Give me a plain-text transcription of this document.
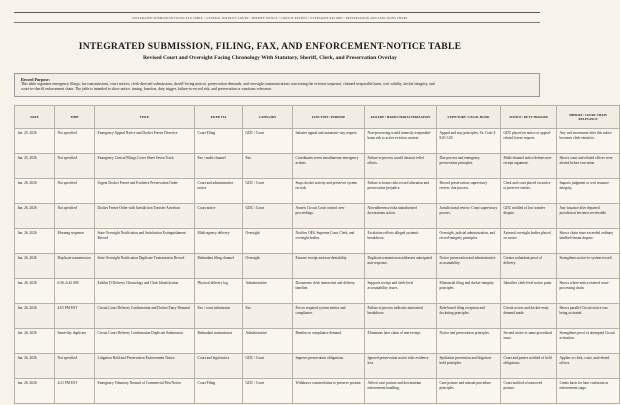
INTEGRATED SUBMISSION FILING FAX TABLE • GENERAL DISTRICT COURT • SHERIFF NOTICE • CIRCUIT REVIEW • OVERSIGHT RECORD • PRESERVATION AND SANCTIONS CHART
INTEGRATED SUBMISSION, FILING, FAX, AND ENFORCEMENT-NOTICE TABLE
Revised Court and Oversight Facing Chronology With Statutory, Sheriff, Clerk, and Preservation Overlay
Record Purpose:
This table organizes emergency filings, fax transmissions, court notices, clerk-directed submissions, sheriff-facing notices, preservation demands, and oversight communications concerning the eviction sequence, claimed irreparable harm, writ validity, docket integrity, and
court-to-sheriff enforcement chain. The table is intended to show notice, timing, function, duty trigger, failure-to-record risk, and preservation or sanctions relevance.
DATE	TIME	TITLE	FILED VIA	CATEGORY	FUNCTION / PURPOSE	FAILURE / HARM CHARACTERIZATION	STATUTORY / LEGAL HOOK	NOTICE / DUTY TRIGGER	SHERIFF / COURT CHAIN RELEVANCE
Jan. 25, 2026	Not specified	Emergency Appeal Notice and Docket Freeze Directive	Court Filing	GDC / Court	Initiates appeal and automatic stay request.	Non-processing would intensify irreparable-harm risk to active eviction context.	Appeal and stay principles; Va. Code § 8.01-129.	GDC placed on notice of appeal-related freeze request.	Any writ movement after this notice becomes clerk-sensitive.
Jan. 25, 2026	Not specified	Emergency Critical Filings Cover Sheet Seven Track	Fax / multi-channel	Fax	Coordinates seven simultaneous emergency actions.	Failure to process would obstruct relief efforts.	Due process and emergency preservation principles.	Multi-channel notice defeats non-receipt argument.	Shows court and related offices were alerted before execution.
Jan. 26, 2026	Not specified	Urgent Docket Freeze and Evidence Preservation Order	Court and administrative notice	GDC / Court	Stops docket activity and preserves system records.	Failure to honor risks record alteration and preservation prejudice.	Record preservation; supervisory review; due process.	Clerk and court placed on notice to preserve entries.	Impacts judgment or writ issuance integrity.
Jan. 26, 2026	Not specified	Docket Freeze Order with Jurisdiction Transfer Assertion	Court notice	GDC / Court	Asserts Circuit Court control over proceedings.	Non-adherence risks unauthorized downstream action.	Jurisdictional review; Court supervisory powers.	GDC notified of low transfer dispute.	Any issuance after departed jurisdiction becomes reviewable.
Jan. 26, 2026	Morning sequence	State Oversight Notification and Satisfaction Extinguishment Record	Multi-agency delivery	Oversight	Notifies OES, Supreme Court Clerk, and oversight bodies.	Escalation reflects alleged systemic breakdown.	Oversight, judicial administration, and record-integrity principles.	External oversight bodies placed on notice.	Shows chain issue exceeded ordinary landlord-tenant dispute.
Jan. 26, 2026	Duplicate transmission	State Oversight Notification Duplicate Transmission Record	Redundant filing channel	Oversight	Ensures receipt and non-deniability.	Duplicate transmission addresses anticipated non-response.	Notice preservation and administrative accountability.	Creates redundant proof of delivery.	Strengthens notice-to-system record.
Jan. 26, 2026	6:36–6:42 AM	Exhibit D Delivery Chronology and Clerk Identification	Physical delivery log	Administrative	Documents clerk interaction and delivery timeline.	Supports receipt and clerk-level accountability issues.	Ministerial filing and docket-integrity principles.	Identifies clerk-level notice point.	Shows where notice entered court-processing chain.
Jan. 26, 2026	4:01 PM EST	Circuit Court Delivery Confirmation and Docket Entry Demand	Fax / court submission	Fax	Forces required system entries and compliance.	Failure to process indicates ministerial breakdown.	Rule-based filing reception and docketing principles.	Circuit access and docket-entry demand made.	Shows parallel Circuit notice was being activated.
Jan. 26, 2026	Same-day duplicate	Circuit Court Delivery Confirmation Duplicate Submission	Redundant transmission	Administrative	Reinforces compliance demand.	Eliminates later claim of non-receipt.	Notice and preservation principles.	Second notice to same procedural issue.	Strengthens proof of attempted Circuit activation.
Jan. 26, 2026	Not specified	Litigation Hold and Preservation Enforcement Notice	Court and legal notice	GDC / Court	Imposes preservation obligations.	Ignored preservation notice risks evidence loss.	Spoliation prevention and litigation-hold principles.	Court and parties notified of hold obligations.	Applies to clerk, court, and related offices.
Jan. 26, 2026	4:21 PM EST	Emergency Voluntary Nonsuit of Commercial Plea Notice	Court Filing	GDC / Court	Withdraws counterclaims to preserve posture.	Affects case posture and downstream enforcement handling.	Case posture and nonsuit procedure principles.	Court notified of narrowed posture.	Limits basis for later confusion at enforcement stage.
